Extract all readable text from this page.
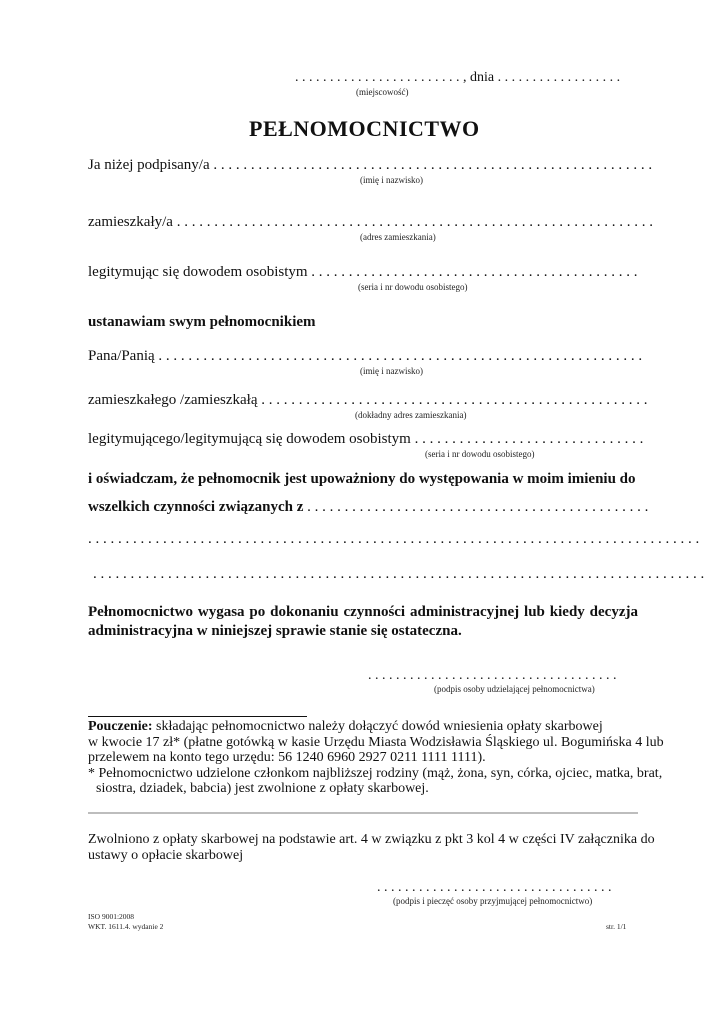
. . . . . . . . . . . . . . . . . . . . . . . . , dnia . . . . . . . . . . . . . . . . . .
(miejscowość)
PEŁNOMOCNICTWO
Ja niżej podpisany/a . . . . . . . . . . . . . . . . . . . . . . . . . . . . . . . . . . . . . . . . . . . . . . . . . . . . . . . . . . .
(imię i nazwisko)
zamieszkały/a . . . . . . . . . . . . . . . . . . . . . . . . . . . . . . . . . . . . . . . . . . . . . . . . . . . . . . . . . . . . . . . .
(adres zamieszkania)
legitymując się dowodem osobistym . . . . . . . . . . . . . . . . . . . . . . . . . . . . . . . . . . . . . . . . . . . .
(seria i nr dowodu osobistego)
ustanawiam swym pełnomocnikiem
Pana/Panią . . . . . . . . . . . . . . . . . . . . . . . . . . . . . . . . . . . . . . . . . . . . . . . . . . . . . . . . . . . . . . . . .
(imię i nazwisko)
zamieszkałego /zamieszkałą . . . . . . . . . . . . . . . . . . . . . . . . . . . . . . . . . . . . . . . . . . . . . . . . . . . .
(dokładny adres zamieszkania)
legitymującego/legitymującą się dowodem osobistym . . . . . . . . . . . . . . . . . . . . . . . . . . . . . . .
(seria i nr dowodu osobistego)
i oświadczam, że pełnomocnik jest upoważniony do występowania w moim imieniu do
wszelkich czynności związanych z . . . . . . . . . . . . . . . . . . . . . . . . . . . . . . . . . . . . . . . . . . . . . .
. . . . . . . . . . . . . . . . . . . . . . . . . . . . . . . . . . . . . . . . . . . . . . . . . . . . . . . . . . . . . . . . . . . . . . . . . . . . . . . . . .
. . . . . . . . . . . . . . . . . . . . . . . . . . . . . . . . . . . . . . . . . . . . . . . . . . . . . . . . . . . . . . . . . . . . . . . . . . . . . . . . . .
Pełnomocnictwo wygasa po dokonaniu czynności administracyjnej lub kiedy decyzja
administracyjna w niniejszej sprawie stanie się ostateczna.
. . . . . . . . . . . . . . . . . . . . . . . . . . . . . . . . . . . .
(podpis osoby udzielającej pełnomocnictwa)
Pouczenie: składając pełnomocnictwo należy dołączyć dowód wniesienia opłaty skarbowej
w kwocie 17 zł* (płatne gotówką w kasie Urzędu Miasta Wodzisławia Śląskiego ul. Bogumińska 4 lub
przelewem na konto tego urzędu: 56 1240 6960 2927 0211 1111 1111).
* Pełnomocnictwo udzielone członkom najbliższej rodziny (mąż, żona, syn, córka, ojciec, matka, brat,
siostra, dziadek, babcia) jest zwolnione z opłaty skarbowej.
Zwolniono z opłaty skarbowej na podstawie art. 4 w związku z pkt 3 kol 4 w części IV załącznika do
ustawy o opłacie skarbowej
. . . . . . . . . . . . . . . . . . . . . . . . . . . . . . . . . .
(podpis i pieczęć osoby przyjmującej pełnomocnictwo)
ISO 9001:2008
WKT. 1611.4. wydanie 2	str. 1/1
